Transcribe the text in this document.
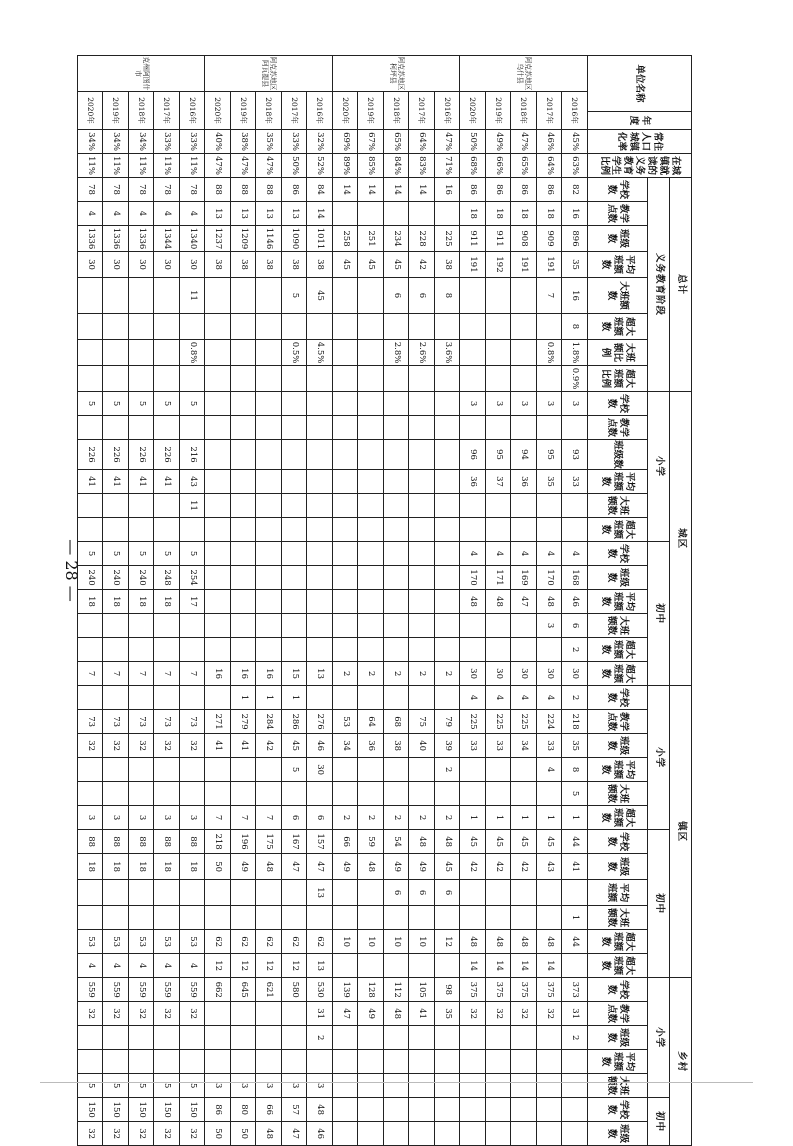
单位名称		年度	常住人口城镇化率	在城镇就读的义务教育学生比例	总计								城区												镇区												乡村							
					义务教育阶段								小学						初中						小学						初中						小学					初中		
					学校数	教学点数	班级数	平均班额数	大班额数	超大班额数	大班额比例	超大班额比例	学校数	教学点数	班级数	平均班额数	大班额数	超大班额数	学校数	班级数	平均班额数	大班额数	超大班额数	超大班额数	学校数	教学点数	班级数	平均班额数	大班额数	超大班额数	学校数	班级数	平均班额	大班额数	超大班额数	超大班额数	学校数	教学点数	班级数	平均班额数	大班额数	学校数	班级数		

阿克苏地区乌什县	2016年		45%	63%	82	16	896	35	16	8	1.8%	0.9%	3		93	33			4	168	46	6	2	30	2	218	35	8	5	1	44	41		1	44		373	31	2					
	2017年		46%	64%	86	18	909	191	7		0.8%		3		95	35			4	170	48	3		30	4	224	33	4		1	45	43			48	14	375	32						
	2018年		47%	65%	86	18	908	191					3		94	36			4	169	47			30	4	225	34			1	45	42			48	14	375	32						
	2019年		49%	66%	86	18	911	192					3		95	37			4	171	48			30	4	225	33			1	45	42			48	14	375	32						
	2020年		50%	68%	86	18	911	191					3		96	36			4	170	48			30	4	225	33			1	45	42			48	14	375	32						
阿克苏地区柯坪县	2016年		47%	71%	16		225	38	8		3.6%													2		79	39	2		2	48	45	6		12		98	35						
	2017年		64%	83%	14		228	42	6		2.6%													2		75	40			2	48	49	6		10		105	41						
	2018年		65%	84%	14		234	45	6		2.8%													2		68	38			2	54	49	6		10		112	48						
	2019年		67%	85%	14		251	45																2		64	36			2	59	48			10		128	49						
	2020年		69%	89%	14		258	45																2		53	34			2	66	49			10		139	47						
阿克苏地区阿瓦提县	2016年		32%	52%	84	14	1011	38	45		4.5%													13		276	46	30		6	157	47	13		62	13	530	31	2		3	48	46	
	2017年		33%	50%	86	13	1090	38	5		0.5%													15	1	286	45	5		6	167	47			62	12	580				3	57	47	
	2018年		35%	47%	88	13	1146	38																16	1	284	42			7	175	48			62	12	621				3	66	48	
	2019年		38%	47%	88	13	1209	38																16	1	279	41			7	196	49			62	12	645				3	80	50	
	2020年		40%	47%	88	13	1237	38																16		271	41			7	218	50			62	12	662				3	86	50	
克州阿图什市	2016年		33%	11%	78	4	1340	30	11		0.8%		5		216	43	11		5	254	17			7		73	32			3	88	18			53	4	559	32			5	150	32	
	2017年		33%	11%	78	4	1344	30					5		226	41			5	248	18			7		73	32			3	88	18			53	4	559	32			5	150	32	
	2018年		34%	11%	78	4	1336	30					5		226	41			5	240	18			7		73	32			3	88	18			53	4	559	32			5	150	32	
	2019年		34%	11%	78	4	1336	30					5		226	41			5	240	18			7		73	32			3	88	18			53	4	559	32			5	150	32	
	2020年		34%	11%	78	4	1336	30					5		226	41			5	240	18			7		73	32			3	88	18			53	4	559	32			5	150	32	
— 28 —
